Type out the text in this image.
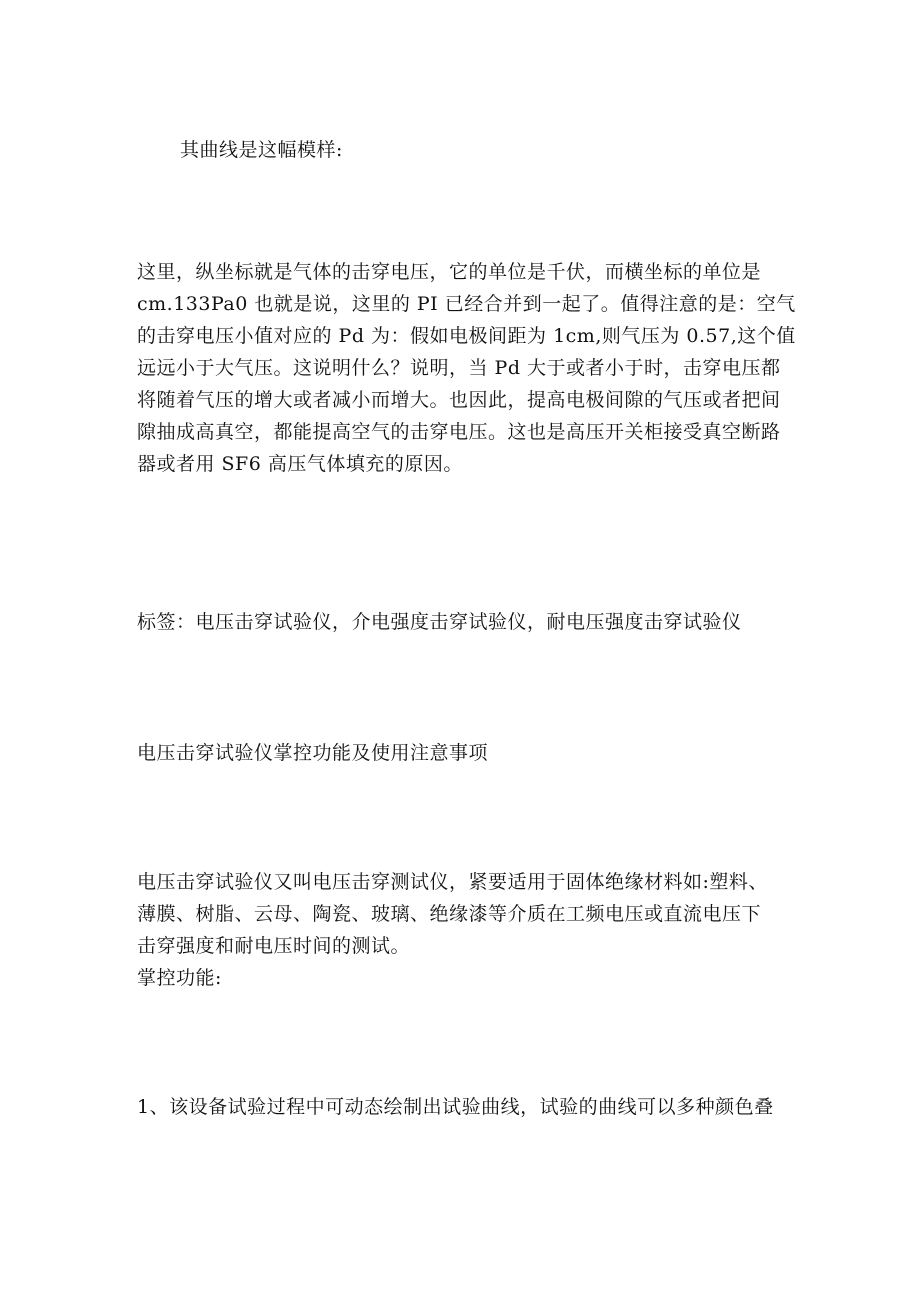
其曲线是这幅模样:
这里，纵坐标就是气体的击穿电压，它的单位是千伏，而横坐标的单位是
cm.133Pa0 也就是说，这里的 PI 已经合并到一起了。值得注意的是：空气
的击穿电压小值对应的 Pd 为：假如电极间距为 1cm,则气压为 0.57,这个值
远远小于大气压。这说明什么？说明，当 Pd 大于或者小于时，击穿电压都
将随着气压的增大或者减小而增大。也因此，提高电极间隙的气压或者把间
隙抽成高真空，都能提高空气的击穿电压。这也是高压开关柜接受真空断路
器或者用 SF6 高压气体填充的原因。
标签：电压击穿试验仪，介电强度击穿试验仪，耐电压强度击穿试验仪
电压击穿试验仪掌控功能及使用注意事项
电压击穿试验仪又叫电压击穿测试仪，紧要适用于固体绝缘材料如:塑料、
薄膜、树脂、云母、陶瓷、玻璃、绝缘漆等介质在工频电压或直流电压下
击穿强度和耐电压时间的测试。
掌控功能:
1、该设备试验过程中可动态绘制出试验曲线，试验的曲线可以多种颜色叠
